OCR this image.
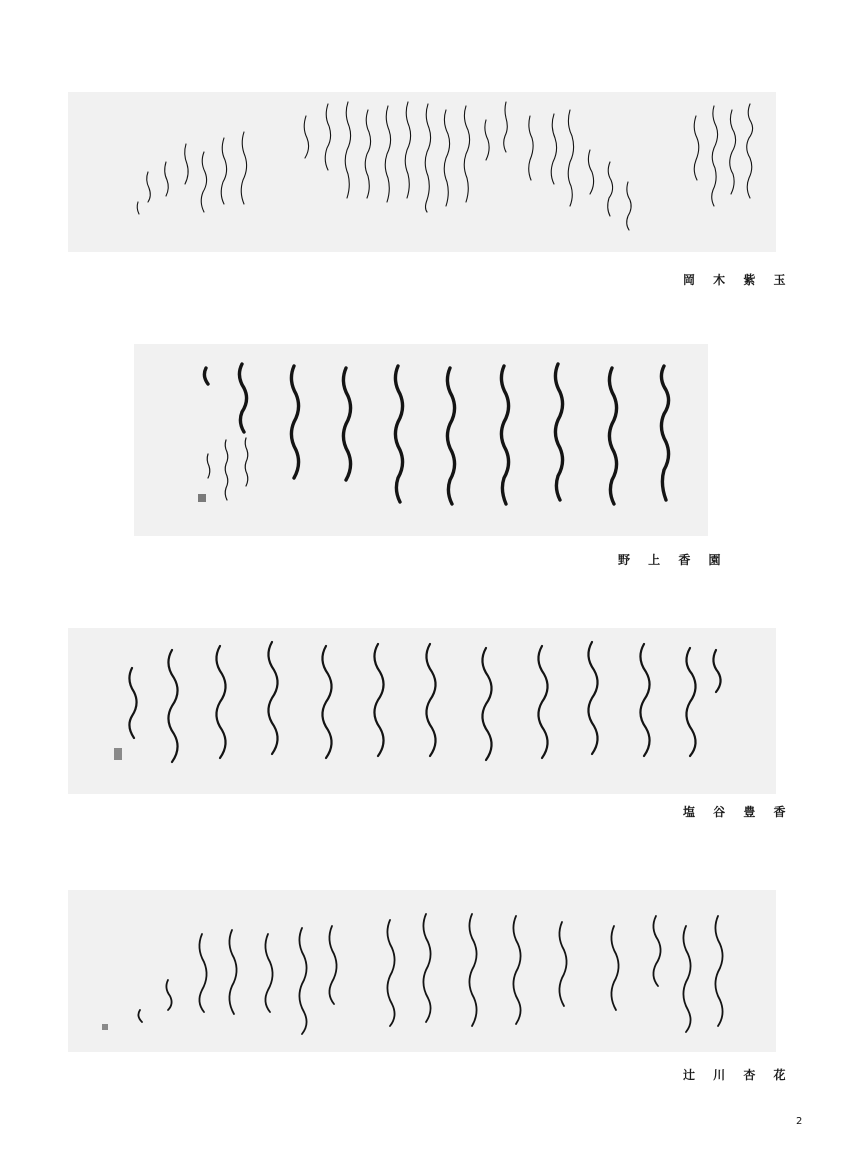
岡 木 紫 玉
野 上 香 園
塩 谷 豊 香
辻 川 杏 花
2
